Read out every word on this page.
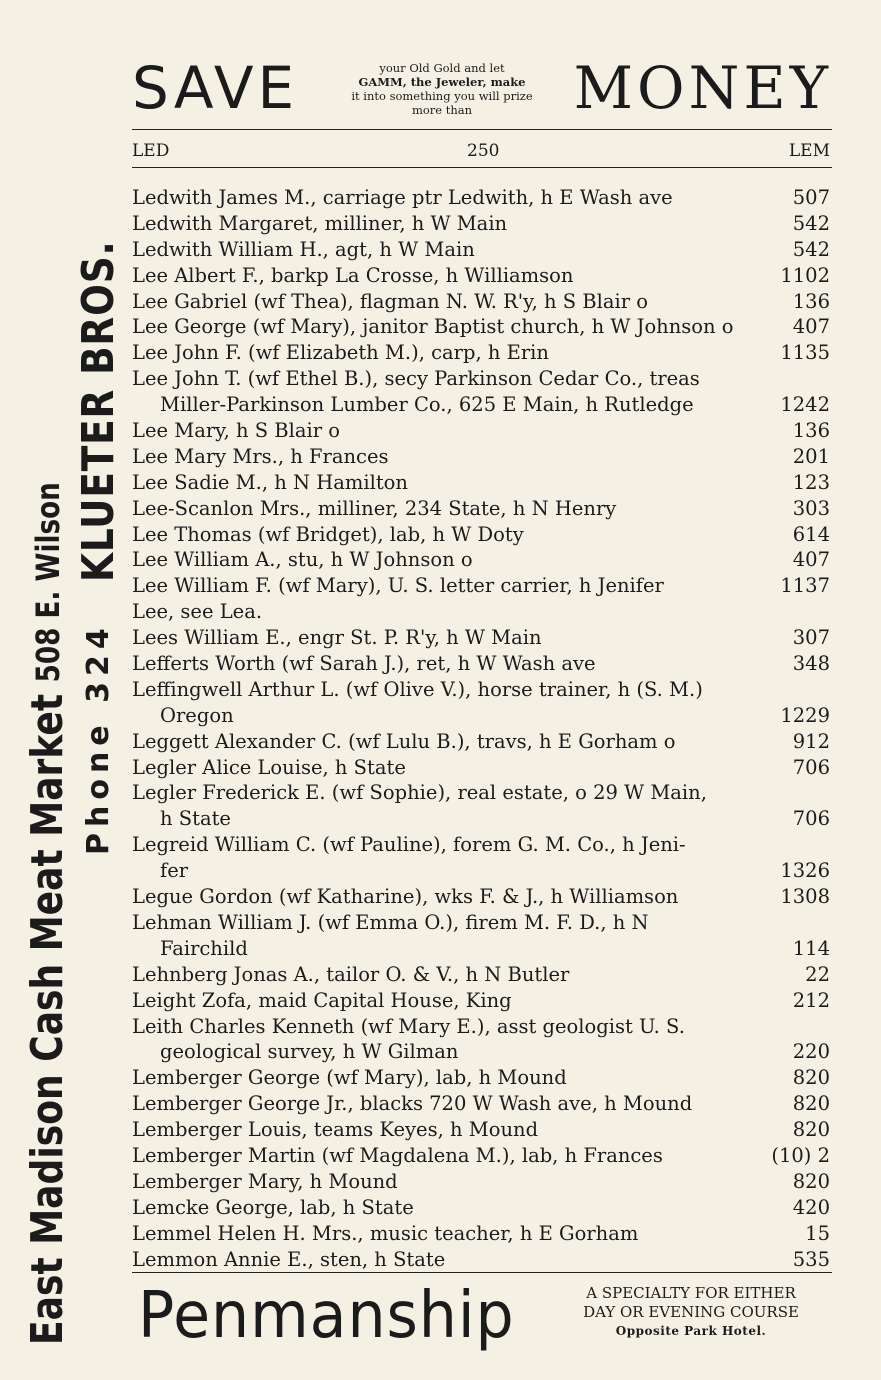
East Madison Cash Meat Market
508 E. Wilson
Phone 324
KLUETER BROS.
SAVE	your Old Gold and let
GAMM, the Jeweler, make
it into something you will prize
more than	MONEY
LED	250	LEM
Ledwith James M., carriage ptr Ledwith, h E Wash ave	507
Ledwith Margaret, milliner, h W Main	542
Ledwith William H., agt, h W Main	542
Lee Albert F., barkp La Crosse, h Williamson	1102
Lee Gabriel (wf Thea), flagman N. W. R'y, h S Blair o	136
Lee George (wf Mary), janitor Baptist church, h W Johnson o	407
Lee John F. (wf Elizabeth M.), carp, h Erin	1135
Lee John T. (wf Ethel B.), secy Parkinson Cedar Co., treas
Miller-Parkinson Lumber Co., 625 E Main, h Rutledge	1242
Lee Mary, h S Blair o	136
Lee Mary Mrs., h Frances	201
Lee Sadie M., h N Hamilton	123
Lee-Scanlon Mrs., milliner, 234 State, h N Henry	303
Lee Thomas (wf Bridget), lab, h W Doty	614
Lee William A., stu, h W Johnson o	407
Lee William F. (wf Mary), U. S. letter carrier, h Jenifer	1137
Lee, see Lea.
Lees William E., engr St. P. R'y, h W Main	307
Lefferts Worth (wf Sarah J.), ret, h W Wash ave	348
Leffingwell Arthur L. (wf Olive V.), horse trainer, h (S. M.)
Oregon	1229
Leggett Alexander C. (wf Lulu B.), travs, h E Gorham o	912
Legler Alice Louise, h State	706
Legler Frederick E. (wf Sophie), real estate, o 29 W Main,
h State	706
Legreid William C. (wf Pauline), forem G. M. Co., h Jeni-
fer	1326
Legue Gordon (wf Katharine), wks F. & J., h Williamson	1308
Lehman William J. (wf Emma O.), firem M. F. D., h N
Fairchild	114
Lehnberg Jonas A., tailor O. & V., h N Butler	22
Leight Zofa, maid Capital House, King	212
Leith Charles Kenneth (wf Mary E.), asst geologist U. S.
geological survey, h W Gilman	220
Lemberger George (wf Mary), lab, h Mound	820
Lemberger George Jr., blacks 720 W Wash ave, h Mound	820
Lemberger Louis, teams Keyes, h Mound	820
Lemberger Martin (wf Magdalena M.), lab, h Frances	(10) 2
Lemberger Mary, h Mound	820
Lemcke George, lab, h State	420
Lemmel Helen H. Mrs., music teacher, h E Gorham	15
Lemmon Annie E., sten, h State	535
Penmanship	A SPECIALTY FOR EITHER
DAY OR EVENING COURSE
Opposite Park Hotel.
